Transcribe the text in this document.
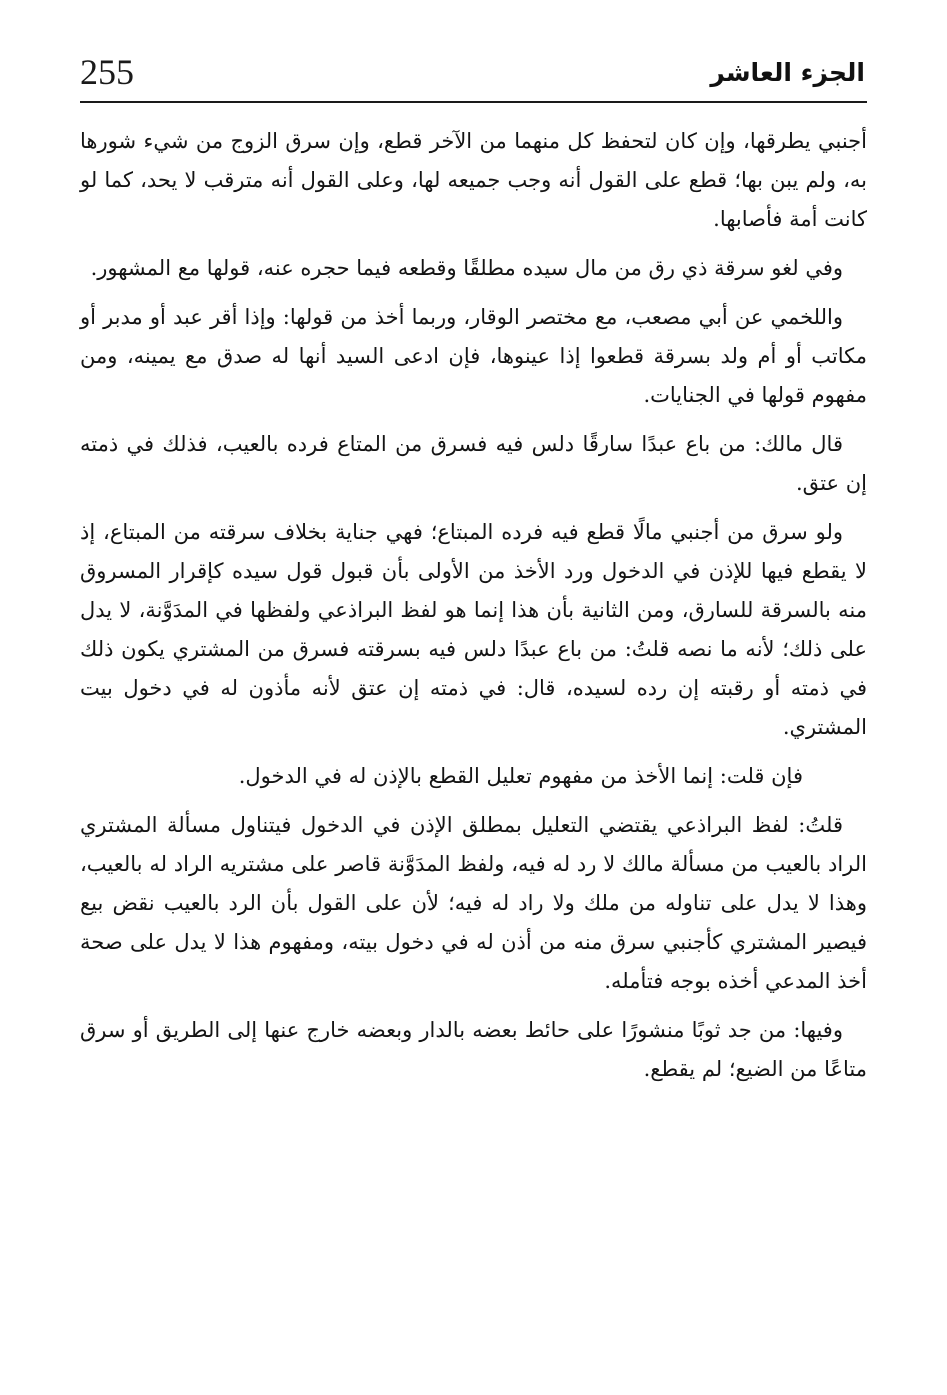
255	الجزء العاشر

أجنبي يطرقها، وإن كان لتحفظ كل منهما من الآخر قطع، وإن سرق الزوج من شيء شورها به، ولم يبن بها؛ قطع على القول أنه وجب جميعه لها، وعلى القول أنه مترقب لا يحد، كما لو كانت أمة فأصابها.

وفي لغو سرقة ذي رق من مال سيده مطلقًا وقطعه فيما حجره عنه، قولها مع المشهور.

واللخمي عن أبي مصعب، مع مختصر الوقار، وربما أخذ من قولها: وإذا أقر عبد أو مدبر أو مكاتب أو أم ولد بسرقة قطعوا إذا عينوها، فإن ادعى السيد أنها له صدق مع يمينه، ومن مفهوم قولها في الجنايات.

قال مالك: من باع عبدًا سارقًا دلس فيه فسرق من المتاع فرده بالعيب، فذلك في ذمته إن عتق.

ولو سرق من أجنبي مالًا قطع فيه فرده المبتاع؛ فهي جناية بخلاف سرقته من المبتاع، إذ لا يقطع فيها للإذن في الدخول ورد الأخذ من الأولى بأن قبول قول سيده كإقرار المسروق منه بالسرقة للسارق، ومن الثانية بأن هذا إنما هو لفظ البراذعي ولفظها في المدَوَّنة، لا يدل على ذلك؛ لأنه ما نصه قلتُ: من باع عبدًا دلس فيه بسرقته فسرق من المشتري يكون ذلك في ذمته أو رقبته إن رده لسيده، قال: في ذمته إن عتق لأنه مأذون له في دخول بيت المشتري.

فإن قلت: إنما الأخذ من مفهوم تعليل القطع بالإذن له في الدخول.

قلتُ: لفظ البراذعي يقتضي التعليل بمطلق الإذن في الدخول فيتناول مسألة المشتري الراد بالعيب من مسألة مالك لا رد له فيه، ولفظ المدَوَّنة قاصر على مشتريه الراد له بالعيب، وهذا لا يدل على تناوله من ملك ولا راد له فيه؛ لأن على القول بأن الرد بالعيب نقض بيع فيصير المشتري كأجنبي سرق منه من أذن له في دخول بيته، ومفهوم هذا لا يدل على صحة أخذ المدعي أخذه بوجه فتأمله.

وفيها: من جد ثوبًا منشورًا على حائط بعضه بالدار وبعضه خارج عنها إلى الطريق أو سرق متاعًا من الضيع؛ لم يقطع.
